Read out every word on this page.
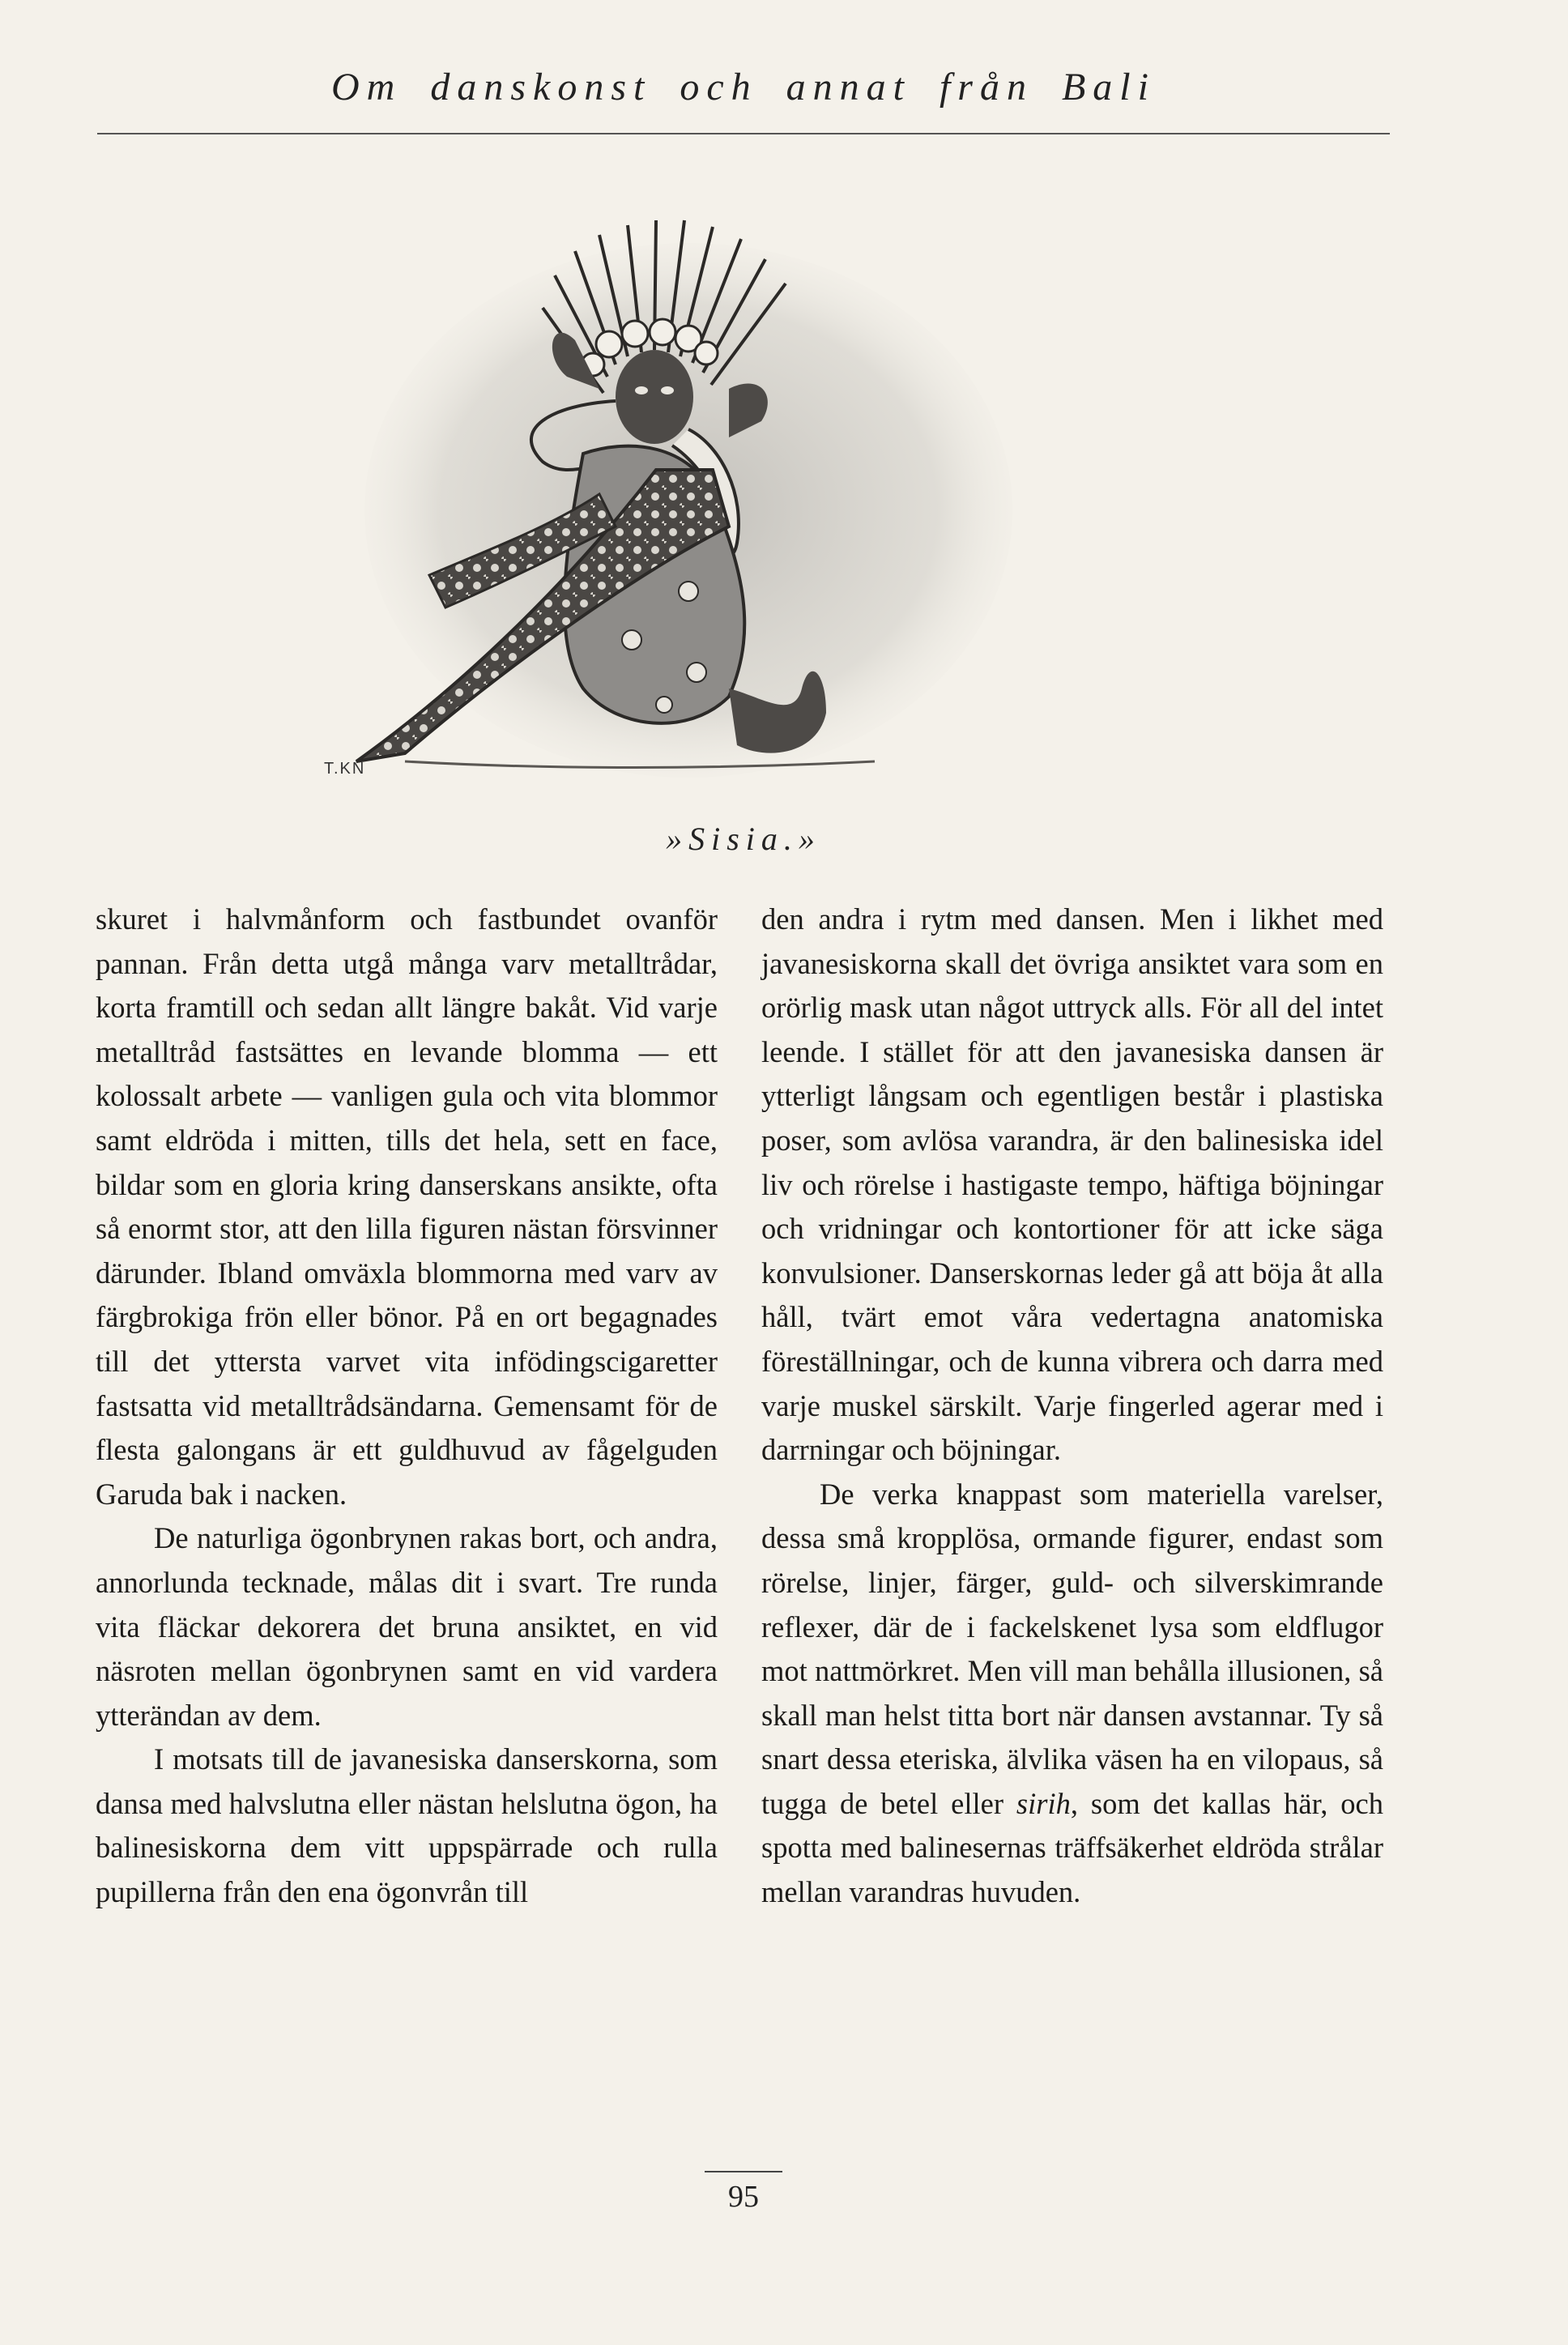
Om danskonst och annat från Bali
T.KN
»Sisia.»

skuret i halvmånform och fastbundet ovanför pannan. Från detta utgå många varv metalltrådar, korta framtill och sedan allt längre bakåt. Vid varje metalltråd fastsättes en levande blomma — ett kolossalt arbete — vanligen gula och vita blommor samt eldröda i mitten, tills det hela, sett en face, bildar som en gloria kring danserskans ansikte, ofta så enormt stor, att den lilla figuren nästan försvinner därunder. Ibland omväxla blommorna med varv av färgbrokiga frön eller bönor. På en ort begagnades till det yttersta varvet vita infödingscigaretter fastsatta vid metalltrådsändarna. Gemensamt för de flesta galongans är ett guldhuvud av fågelguden Garuda bak i nacken.

De naturliga ögonbrynen rakas bort, och andra, annorlunda tecknade, målas dit i svart. Tre runda vita fläckar dekorera det bruna ansiktet, en vid näsroten mellan ögonbrynen samt en vid vardera ytterändan av dem.

I motsats till de javanesiska danserskorna, som dansa med halvslutna eller nästan helslutna ögon, ha balinesiskorna dem vitt uppspärrade och rulla pupillerna från den ena ögonvrån till

den andra i rytm med dansen. Men i likhet med javanesiskorna skall det övriga ansiktet vara som en orörlig mask utan något uttryck alls. För all del intet leende. I stället för att den javanesiska dansen är ytterligt långsam och egentligen består i plastiska poser, som avlösa varandra, är den balinesiska idel liv och rörelse i hastigaste tempo, häftiga böjningar och vridningar och kontortioner för att icke säga konvulsioner. Danserskornas leder gå att böja åt alla håll, tvärt emot våra vedertagna anatomiska föreställningar, och de kunna vibrera och darra med varje muskel särskilt. Varje fingerled agerar med i darrningar och böjningar.

De verka knappast som materiella varelser, dessa små kropplösa, ormande figurer, endast som rörelse, linjer, färger, guld- och silverskimrande reflexer, där de i fackelskenet lysa som eldflugor mot nattmörkret. Men vill man behålla illusionen, så skall man helst titta bort när dansen avstannar. Ty så snart dessa eteriska, älvlika väsen ha en vilopaus, så tugga de betel eller sirih, som det kallas här, och spotta med balinesernas träffsäkerhet eldröda strålar mellan varandras huvuden.

95
